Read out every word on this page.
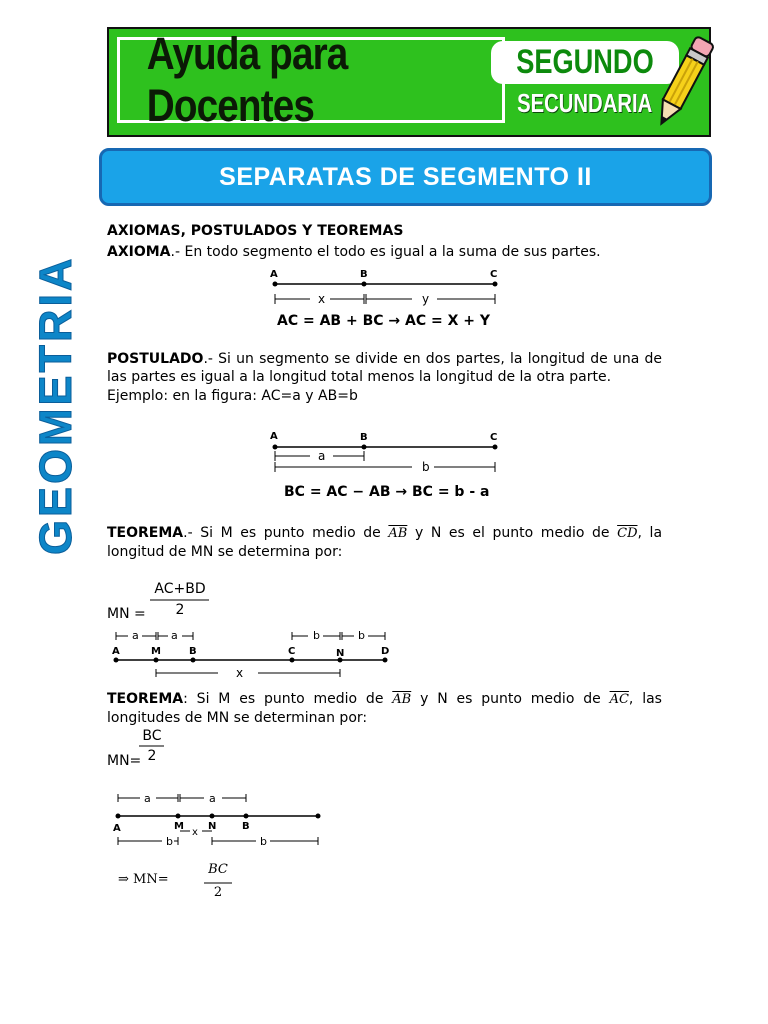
Ayuda para Docentes
SEGUNDO
SECUNDARIA
SEPARATAS DE SEGMENTO II
GEOMETRIA
AXIOMAS, POSTULADOS Y TEOREMAS
AXIOMA.- En todo segmento el todo es igual a la suma de sus partes.
A	B	C
x	y
A	B	C
a
b
A	M	B	C	N	D
a	a	b	b
x
A	M N	B
a	a
x
b	b
AC = AB + BC → AC = X + Y
POSTULADO.- Si un segmento se divide en dos partes, la longitud de una de las partes es igual a la longitud total menos la longitud de la otra parte.
Ejemplo: en la figura: AC=a y AB=b
BC = AC − AB → BC = b - a
TEOREMA.- Si M es punto medio de $\overline{AB}$ y N es el punto medio de $\overline{CD}$, la longitud de MN se determina por:
MN =
AC+BD
2
TEOREMA: Si M es punto medio de $\overline{AB}$ y N es punto medio de $\overline{AC}$, las longitudes de MN se determinan por:
MN=
BC
2
⇒ MN=
BC
2
